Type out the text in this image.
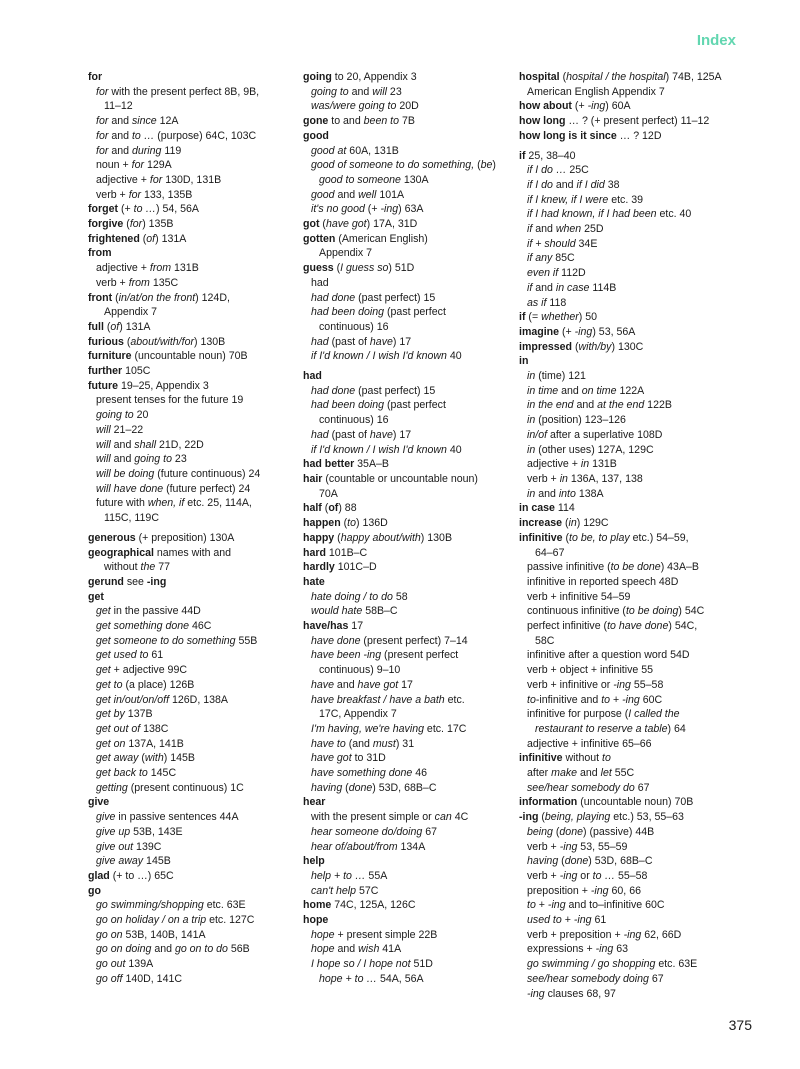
Index
for
for with the present perfect 8B, 9B,
11–12
for and since 12A
for and to … (purpose) 64C, 103C
for and during 119
noun + for 129A
adjective + for 130D, 131B
verb + for 133, 135B
forget (+ to …) 54, 56A
forgive (for) 135B
frightened (of) 131A
from
adjective + from 131B
verb + from 135C
front (in/at/on the front) 124D,
Appendix 7
full (of) 131A
furious (about/with/for) 130B
furniture (uncountable noun) 70B
further 105C
future 19–25, Appendix 3
present tenses for the future 19
going to 20
will 21–22
will and shall 21D, 22D
will and going to 23
will be doing (future continuous) 24
will have done (future perfect) 24
future with when, if etc. 25, 114A,
115C, 119C
generous (+ preposition) 130A
geographical names with and
without the 77
gerund see -ing
get
get in the passive 44D
get something done 46C
get someone to do something 55B
get used to 61
get + adjective 99C
get to (a place) 126B
get in/out/on/off 126D, 138A
get by 137B
get out of 138C
get on 137A, 141B
get away (with) 145B
get back to 145C
getting (present continuous) 1C
give
give in passive sentences 44A
give up 53B, 143E
give out 139C
give away 145B
glad (+ to …) 65C
go
go swimming/shopping etc. 63E
go on holiday / on a trip etc. 127C
go on 53B, 140B, 141A
go on doing and go on to do 56B
go out 139A
go off 140D, 141C
going to 20, Appendix 3
going to and will 23
was/were going to 20D
gone to and been to 7B
good
good at 60A, 131B
good of someone to do something, (be)
good to someone 130A
good and well 101A
it's no good (+ -ing) 63A
got (have got) 17A, 31D
gotten (American English)
Appendix 7
guess (I guess so) 51D
had
had done (past perfect) 15
had been doing (past perfect
continuous) 16
had (past of have) 17
if I'd known / I wish I'd known 40
had
had done (past perfect) 15
had been doing (past perfect
continuous) 16
had (past of have) 17
if I'd known / I wish I'd known 40
had better 35A–B
hair (countable or uncountable noun)
70A
half (of) 88
happen (to) 136D
happy (happy about/with) 130B
hard 101B–C
hardly 101C–D
hate
hate doing / to do 58
would hate 58B–C
have/has 17
have done (present perfect) 7–14
have been -ing (present perfect
continuous) 9–10
have and have got 17
have breakfast / have a bath etc.
17C, Appendix 7
I'm having, we're having etc. 17C
have to (and must) 31
have got to 31D
have something done 46
having (done) 53D, 68B–C
hear
with the present simple or can 4C
hear someone do/doing 67
hear of/about/from 134A
help
help + to … 55A
can't help 57C
home 74C, 125A, 126C
hope
hope + present simple 22B
hope and wish 41A
I hope so / I hope not 51D
hope + to … 54A, 56A
hospital (hospital / the hospital) 74B, 125A
American English Appendix 7
how about (+ -ing) 60A
how long … ? (+ present perfect) 11–12
how long is it since … ? 12D
if 25, 38–40
if I do … 25C
if I do and if I did 38
if I knew, if I were etc. 39
if I had known, if I had been etc. 40
if and when 25D
if + should 34E
if any 85C
even if 112D
if and in case 114B
as if 118
if (= whether) 50
imagine (+ -ing) 53, 56A
impressed (with/by) 130C
in
in (time) 121
in time and on time 122A
in the end and at the end 122B
in (position) 123–126
in/of after a superlative 108D
in (other uses) 127A, 129C
adjective + in 131B
verb + in 136A, 137, 138
in and into 138A
in case 114
increase (in) 129C
infinitive (to be, to play etc.) 54–59,
64–67
passive infinitive (to be done) 43A–B
infinitive in reported speech 48D
verb + infinitive 54–59
continuous infinitive (to be doing) 54C
perfect infinitive (to have done) 54C,
58C
infinitive after a question word 54D
verb + object + infinitive 55
verb + infinitive or -ing 55–58
to-infinitive and to + -ing 60C
infinitive for purpose (I called the
restaurant to reserve a table) 64
adjective + infinitive 65–66
infinitive without to
after make and let 55C
see/hear somebody do 67
information (uncountable noun) 70B
-ing (being, playing etc.) 53, 55–63
being (done) (passive) 44B
verb + -ing 53, 55–59
having (done) 53D, 68B–C
verb + -ing or to … 55–58
preposition + -ing 60, 66
to + -ing and to–infinitive 60C
used to + -ing 61
verb + preposition + -ing 62, 66D
expressions + -ing 63
go swimming / go shopping etc. 63E
see/hear somebody doing 67
-ing clauses 68, 97
375
